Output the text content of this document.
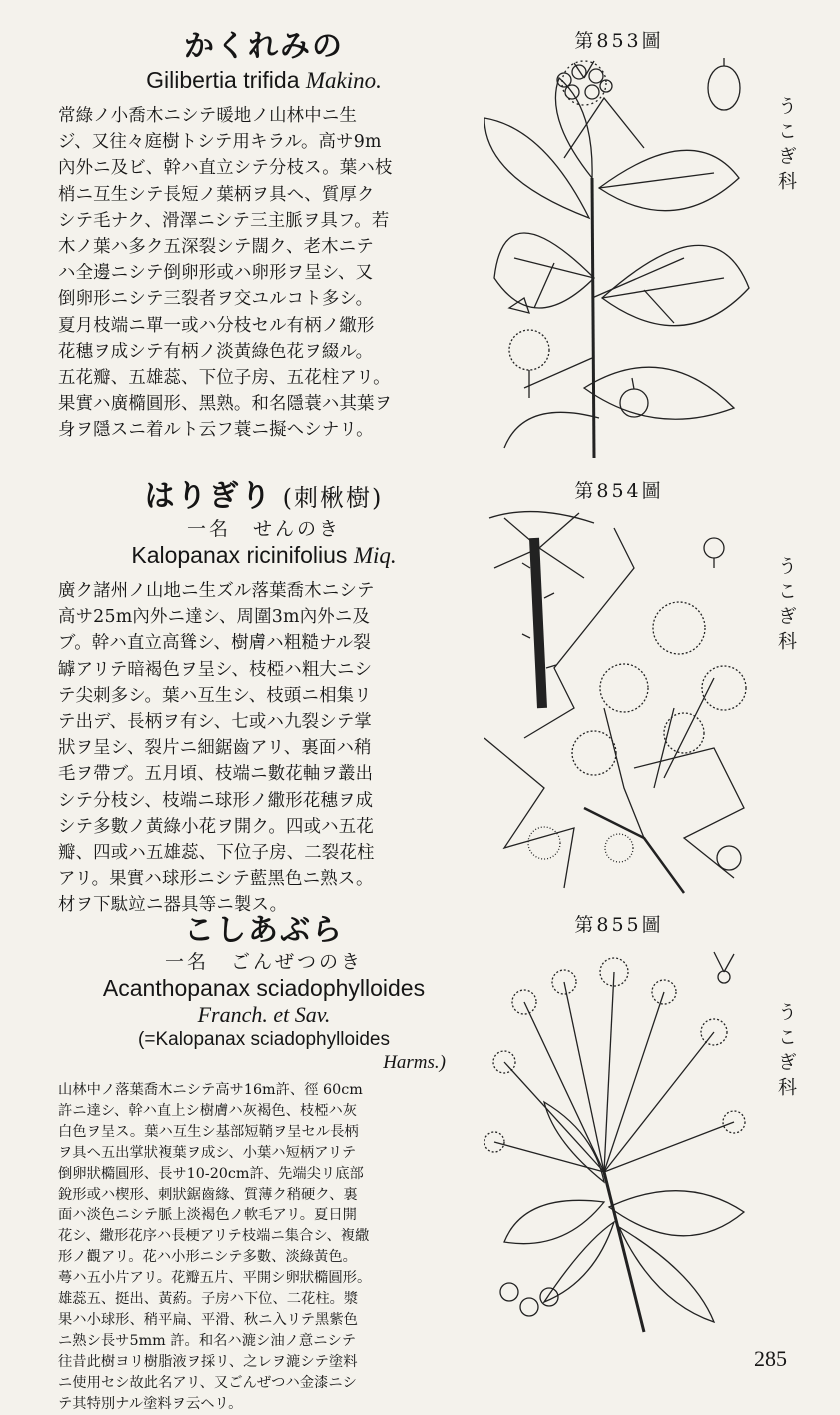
かくれみの
Gilibertia trifida Makino.
常綠ノ小喬木ニシテ暖地ノ山林中ニ生
ジ、又往々庭樹トシテ用キラル。高サ9m
內外ニ及ビ、幹ハ直立シテ分枝ス。葉ハ枝
梢ニ互生シテ長短ノ葉柄ヲ具ヘ、質厚ク
シテ毛ナク、滑澤ニシテ三主脈ヲ具フ。若
木ノ葉ハ多ク五深裂シテ闊ク、老木ニテ
ハ全邊ニシテ倒卵形或ハ卵形ヲ呈シ、又
倒卵形ニシテ三裂者ヲ交ユルコト多シ。
夏月枝端ニ單一或ハ分枝セル有柄ノ繖形
花穗ヲ成シテ有柄ノ淡黃綠色花ヲ綴ル。
五花瓣、五雄蕊、下位子房、五花柱アリ。
果實ハ廣橢圓形、黑熟。和名隱蓑ハ其葉ヲ
身ヲ隱スニ着ルト云フ蓑ニ擬ヘシナリ。
第853圖
うこぎ科
はりぎり (刺楸樹)
一名　せんのき
Kalopanax ricinifolius Miq.
廣ク諸州ノ山地ニ生ズル落葉喬木ニシテ
高サ25m內外ニ達シ、周圍3m內外ニ及
ブ。幹ハ直立高聳シ、樹膚ハ粗糙ナル裂
罅アリテ暗褐色ヲ呈シ、枝椏ハ粗大ニシ
テ尖刺多シ。葉ハ互生シ、枝頭ニ相集リ
テ出デ、長柄ヲ有シ、七或ハ九裂シテ掌
狀ヲ呈シ、裂片ニ細鋸齒アリ、裏面ハ稍
毛ヲ帶ブ。五月頃、枝端ニ數花軸ヲ叢出
シテ分枝シ、枝端ニ球形ノ繖形花穗ヲ成
シテ多數ノ黃綠小花ヲ開ク。四或ハ五花
瓣、四或ハ五雄蕊、下位子房、二裂花柱
アリ。果實ハ球形ニシテ藍黑色ニ熟ス。
材ヲ下駄竝ニ器具等ニ製ス。
第854圖
うこぎ科
こしあぶら
一名　ごんぜつのき
Acanthopanax sciadophylloides
Franch. et Sav.
(=Kalopanax sciadophylloides
Harms.)
山林中ノ落葉喬木ニシテ高サ16m許、徑 60cm
許ニ達シ、幹ハ直上シ樹膚ハ灰褐色、枝椏ハ灰
白色ヲ呈ス。葉ハ互生シ基部短鞘ヲ呈セル長柄
ヲ具ヘ五出掌狀複葉ヲ成シ、小葉ハ短柄アリテ
倒卵狀橢圓形、長サ10-20cm許、先端尖リ底部
銳形或ハ楔形、刺狀鋸齒緣、質薄ク稍硬ク、裏
面ハ淡色ニシテ脈上淡褐色ノ軟毛アリ。夏日開
花シ、繖形花序ハ長梗アリテ枝端ニ集合シ、複繖
形ノ觀アリ。花ハ小形ニシテ多數、淡綠黃色。
蕚ハ五小片アリ。花瓣五片、平開シ卵狀橢圓形。
雄蕊五、挺出、黃葯。子房ハ下位、二花柱。漿
果ハ小球形、稍平扁、平滑、秋ニ入リテ黑紫色
ニ熟シ長サ5mm 許。和名ハ漉シ油ノ意ニシテ
往昔此樹ヨリ樹脂液ヲ採リ、之レヲ漉シテ塗料
ニ使用セシ故此名アリ、又ごんぜつハ金漆ニシ
テ其特別ナル塗料ヲ云ヘリ。
第855圖
うこぎ科
285
